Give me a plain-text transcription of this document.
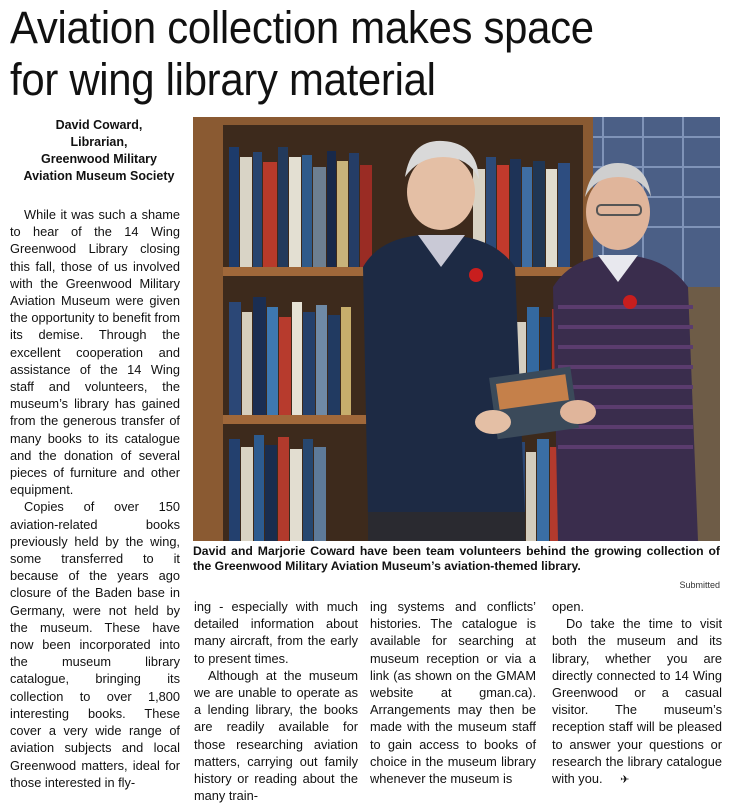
Aviation collection makes space
for wing library material
David Coward,
Librarian,
Greenwood Military
Aviation Museum Society

While it was such a shame to hear of the 14 Wing Greenwood Library closing this fall, those of us involved with the Greenwood Military Aviation Museum were given the opportunity to benefit from its demise. Through the excellent cooperation and assistance of the 14 Wing staff and volunteers, the museum’s library has gained from the generous transfer of many books to its catalogue and the donation of several pieces of furniture and other equipment.

Copies of over 150 aviation-related books previously held by the wing, some transferred to it because of the years ago closure of the Baden base in Germany, were not held by the museum. These have now been incorporated into the museum library catalogue, bringing its collection to over 1,800 interesting books. These cover a very wide range of aviation subjects and local Greenwood matters, ideal for those interested in fly-

David and Marjorie Coward have been team volunteers behind the growing collection of the Greenwood Military Aviation Museum’s aviation-themed library.
Submitted

ing - especially with much detailed information about many aircraft, from the early to present times.

Although at the museum we are unable to operate as a lending library, the books are readily available for those researching aviation matters, carrying out family history or reading about the many train-

ing systems and conflicts’ histories. The catalogue is available for searching at museum reception or via a link (as shown on the GMAM website at gman.ca). Arrangements may then be made with the museum staff to gain access to books of choice in the museum library whenever the museum is

open.

Do take the time to visit both the museum and its library, whether you are directly connected to 14 Wing Greenwood or a casual visitor. The museum’s reception staff will be pleased to answer your questions or research the library catalogue with you. ✈
